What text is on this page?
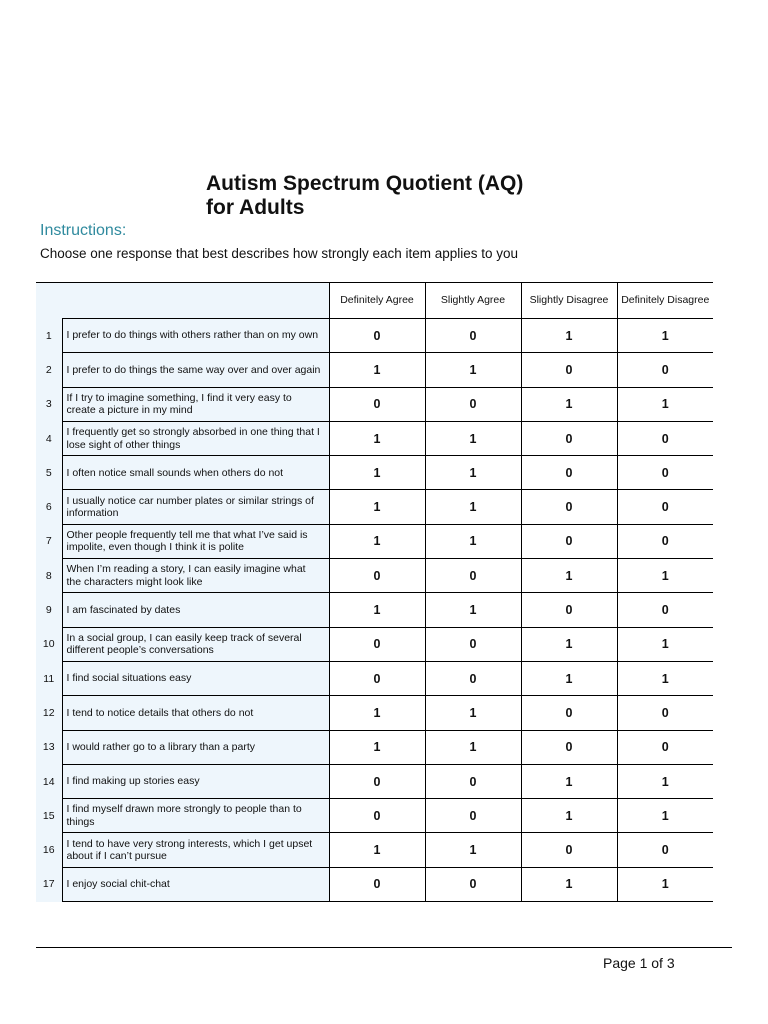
Autism Spectrum Quotient (AQ)
for Adults
Instructions:
Choose one response that best describes how strongly each item applies to you
		Definitely Agree	Slightly Agree	Slightly Disagree	Definitely Disagree
1	I prefer to do things with others rather than on my own	0	0	1	1
2	I prefer to do things the same way over and over again	1	1	0	0
3	If I try to imagine something, I find it very easy to create a picture in my mind	0	0	1	1
4	I frequently get so strongly absorbed in one thing that I lose sight of other things	1	1	0	0
5	I often notice small sounds when others do not	1	1	0	0
6	I usually notice car number plates or similar strings of information	1	1	0	0
7	Other people frequently tell me that what I’ve said is impolite, even though I think it is polite	1	1	0	0
8	When I’m reading a story, I can easily imagine what the characters might look like	0	0	1	1
9	I am fascinated by dates	1	1	0	0
10	In a social group, I can easily keep track of several different people’s conversations	0	0	1	1
11	I find social situations easy	0	0	1	1
12	I tend to notice details that others do not	1	1	0	0
13	I would rather go to a library than a party	1	1	0	0
14	I find making up stories easy	0	0	1	1
15	I find myself drawn more strongly to people than to things	0	0	1	1
16	I tend to have very strong interests, which I get upset about if I can’t pursue	1	1	0	0
17	I enjoy social chit-chat	0	0	1	1
Page 1 of 3
